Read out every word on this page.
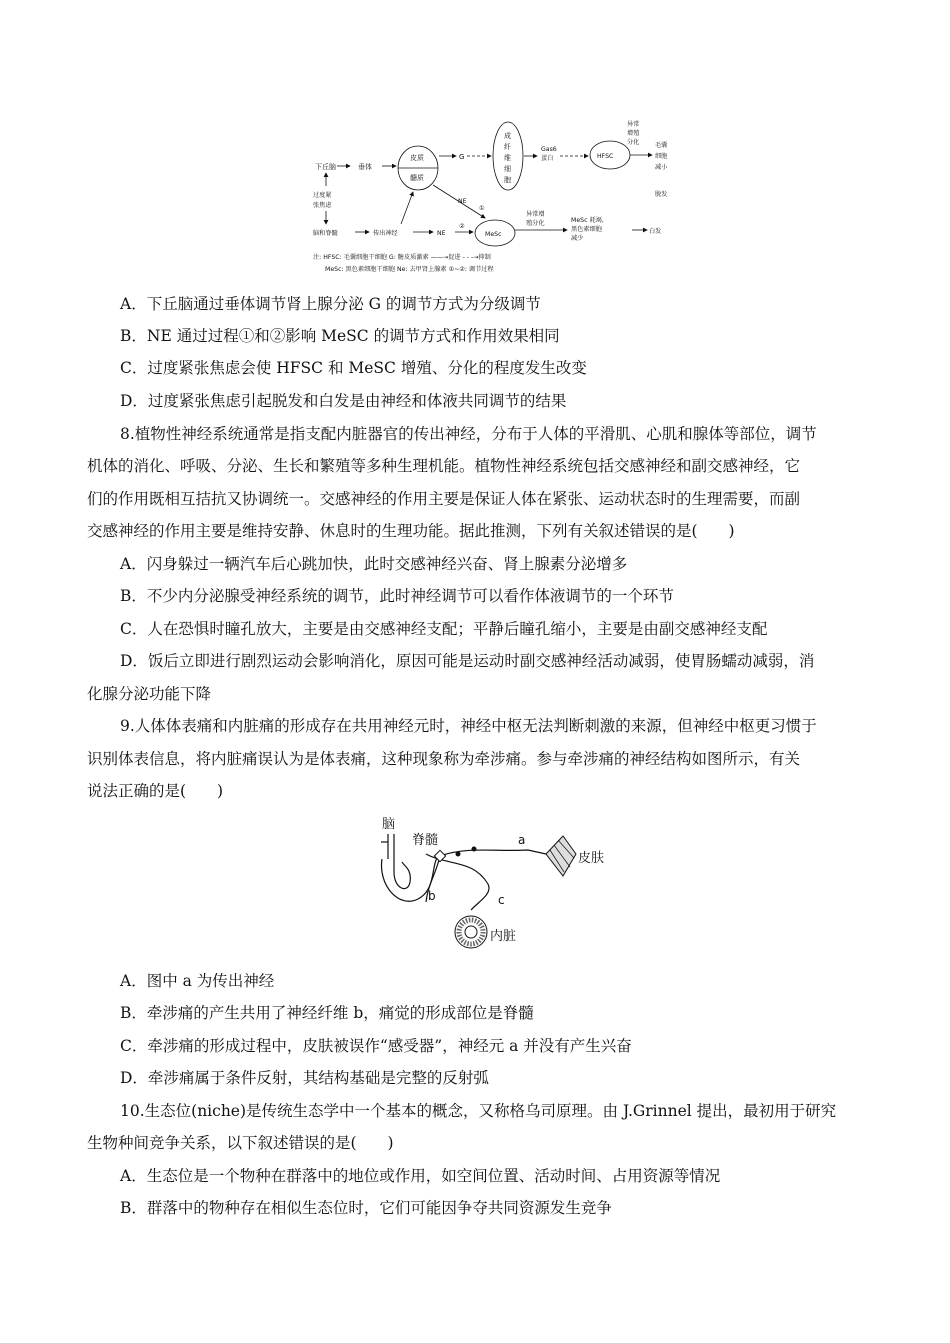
下丘脑	垂体
皮质
髓质
G
成
纤
维
细
胞
Gas6
蛋白	HFSC
异常
增殖
分化	毛囊
细胞
减小
脱发
过度紧
张焦虑
脑和脊髓	传出神经	NE
NE
①
②
MeSc
异常增
殖分化	MeSc 耗竭,
黑色素细胞
减少
白发
注: HFSC: 毛囊细胞干细胞 G: 糖皮质激素 ——→促进 - - -→抑制
MeSc: 黑色素细胞干细胞 Ne: 去甲肾上腺素 ①~②: 调节过程
A．下丘脑通过垂体调节肾上腺分泌 G 的调节方式为分级调节
B．NE 通过过程①和②影响 MeSC 的调节方式和作用效果相同
C．过度紧张焦虑会使 HFSC 和 MeSC 增殖、分化的程度发生改变
D．过度紧张焦虑引起脱发和白发是由神经和体液共同调节的结果
8.植物性神经系统通常是指支配内脏器官的传出神经，分布于人体的平滑肌、心肌和腺体等部位，调节
机体的消化、呼吸、分泌、生长和繁殖等多种生理机能。植物性神经系统包括交感神经和副交感神经，它
们的作用既相互拮抗又协调统一。交感神经的作用主要是保证人体在紧张、运动状态时的生理需要，而副
交感神经的作用主要是维持安静、休息时的生理功能。据此推测，下列有关叙述错误的是(　　)
A．闪身躲过一辆汽车后心跳加快，此时交感神经兴奋、肾上腺素分泌增多
B．不少内分泌腺受神经系统的调节，此时神经调节可以看作体液调节的一个环节
C．人在恐惧时瞳孔放大，主要是由交感神经支配；平静后瞳孔缩小，主要是由副交感神经支配
D．饭后立即进行剧烈运动会影响消化，原因可能是运动时副交感神经活动减弱，使胃肠蠕动减弱，消
化腺分泌功能下降
9.人体体表痛和内脏痛的形成存在共用神经元时，神经中枢无法判断刺激的来源，但神经中枢更习惯于
识别体表信息，将内脏痛误认为是体表痛，这种现象称为牵涉痛。参与牵涉痛的神经结构如图所示，有关
说法正确的是(　　)
脑
脊髓	a
b	c
皮肤
内脏
A．图中 a 为传出神经
B．牵涉痛的产生共用了神经纤维 b，痛觉的形成部位是脊髓
C．牵涉痛的形成过程中，皮肤被误作“感受器”，神经元 a 并没有产生兴奋
D．牵涉痛属于条件反射，其结构基础是完整的反射弧
10.生态位(niche)是传统生态学中一个基本的概念，又称格乌司原理。由 J.Grinnel 提出，最初用于研究
生物种间竞争关系，以下叙述错误的是(　　)
A．生态位是一个物种在群落中的地位或作用，如空间位置、活动时间、占用资源等情况
B．群落中的物种存在相似生态位时，它们可能因争夺共同资源发生竞争
